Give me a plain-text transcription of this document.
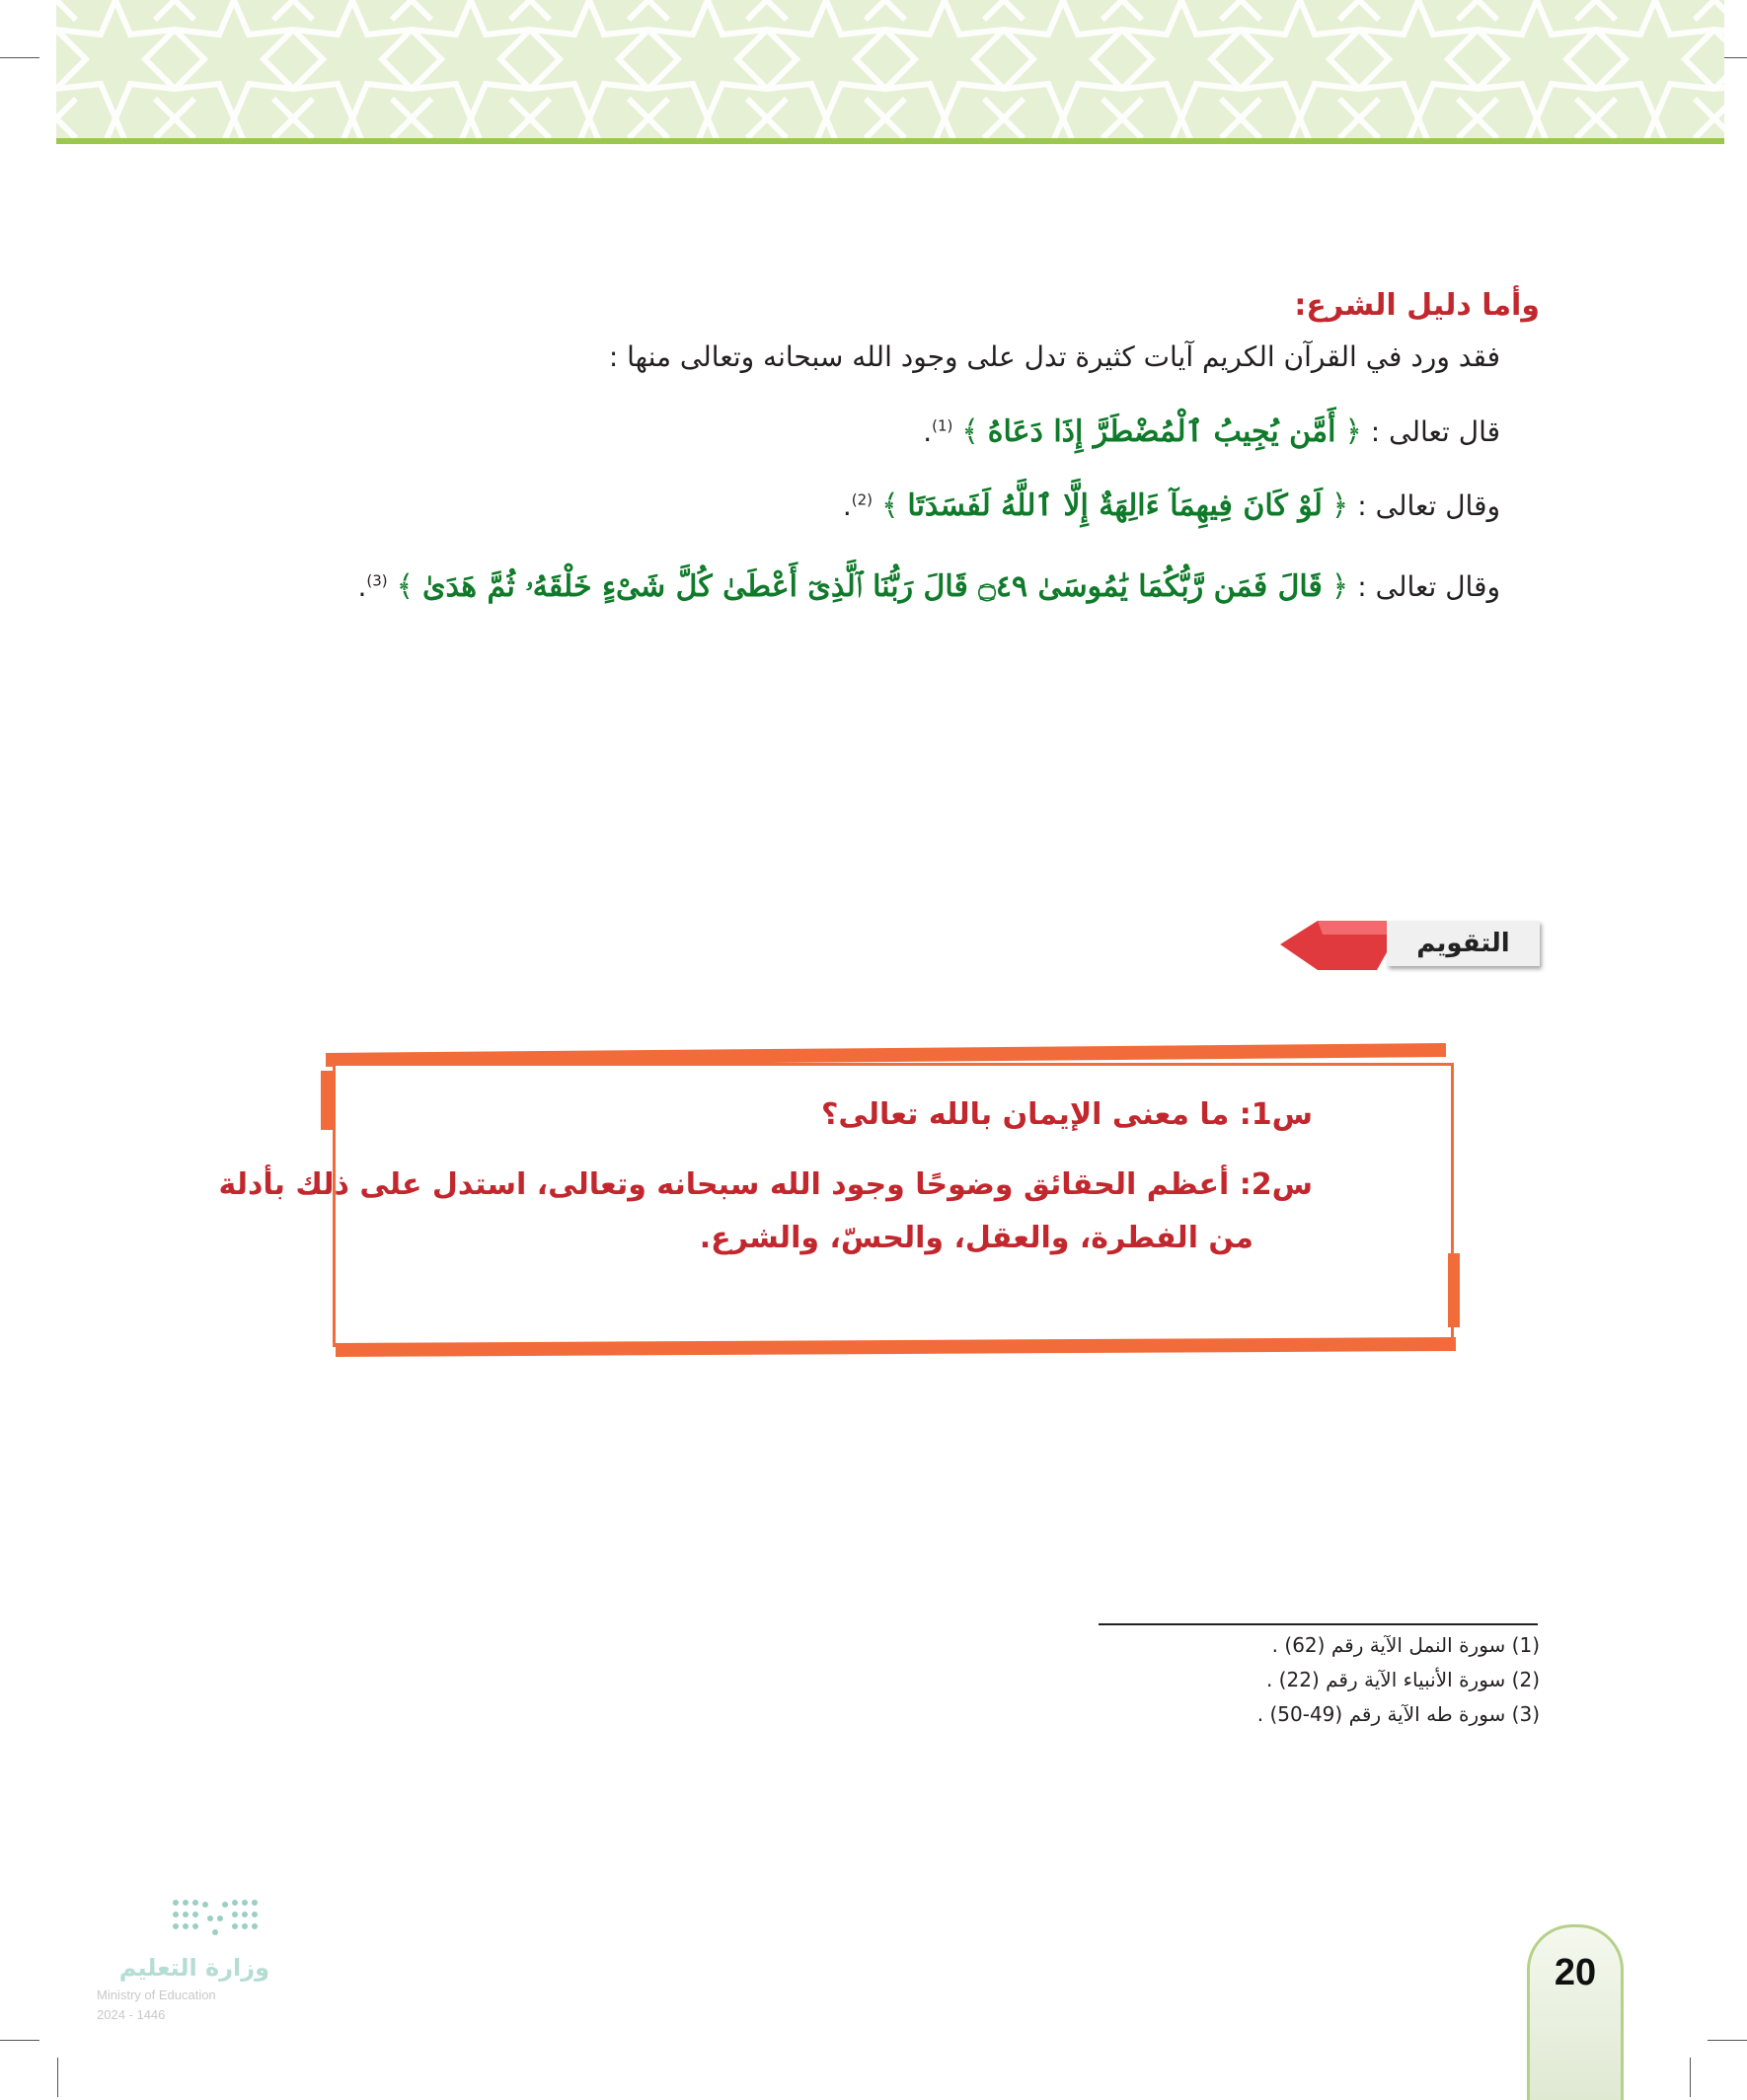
وأما دليل الشرع:
فقد ورد في القرآن الكريم آيات كثيرة تدل على وجود الله سبحانه وتعالى منها :
قال تعالى : ﴿ أَمَّن يُجِيبُ ٱلْمُضْطَرَّ إِذَا دَعَاهُ ﴾ $^{(1)}$.
وقال تعالى : ﴿ لَوْ كَانَ فِيهِمَآ ءَالِهَةٌ إِلَّا ٱللَّهُ لَفَسَدَتَا ﴾ $^{(2)}$.
وقال تعالى : ﴿ قَالَ فَمَن رَّبُّكُمَا يَٰمُوسَىٰ ۝٤٩ قَالَ رَبُّنَا ٱلَّذِىٓ أَعْطَىٰ كُلَّ شَىْءٍ خَلْقَهُۥ ثُمَّ هَدَىٰ ﴾ $^{(3)}$.
التقويم
س1: ما معنى الإيمان بالله تعالى؟
س2: أعظم الحقائق وضوحًا وجود الله سبحانه وتعالى، استدل على ذلك بأدلة
من الفطرة، والعقل، والحسّ، والشرع.
(1) سورة النمل الآية رقم (62) .
(2) سورة الأنبياء الآية رقم (22) .
(3) سورة طه الآية رقم (49-50) .
وزارة التعليم
Ministry of Education
2024 - 1446
20
